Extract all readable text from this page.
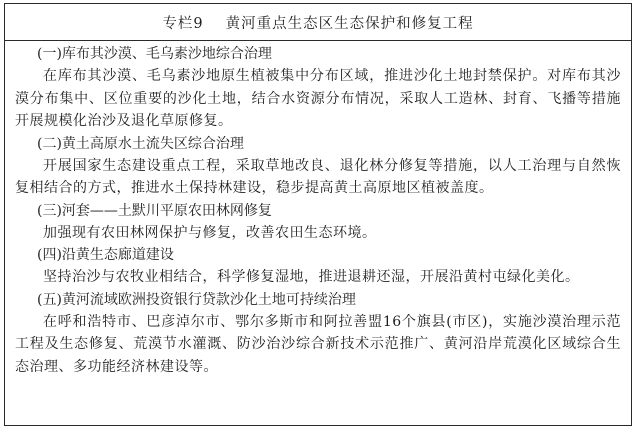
专栏9 黄河重点生态区生态保护和修复工程
(一)库布其沙漠、毛乌素沙地综合治理
在库布其沙漠、毛乌素沙地原生植被集中分布区域，推进沙化土地封禁保护。对库布其沙漠分布集中、区位重要的沙化土地，结合水资源分布情况，采取人工造林、封育、飞播等措施开展规模化治沙及退化草原修复。
(二)黄土高原水土流失区综合治理
开展国家生态建设重点工程，采取草地改良、退化林分修复等措施，以人工治理与自然恢复相结合的方式，推进水土保持林建设，稳步提高黄土高原地区植被盖度。
(三)河套——土默川平原农田林网修复
加强现有农田林网保护与修复，改善农田生态环境。
(四)沿黄生态廊道建设
坚持治沙与农牧业相结合，科学修复湿地，推进退耕还湿，开展沿黄村屯绿化美化。
(五)黄河流域欧洲投资银行贷款沙化土地可持续治理
在呼和浩特市、巴彦淖尔市、鄂尔多斯市和阿拉善盟16个旗县(市区)，实施沙漠治理示范工程及生态修复、荒漠节水灌溉、防沙治沙综合新技术示范推广、黄河沿岸荒漠化区域综合生态治理、多功能经济林建设等。
